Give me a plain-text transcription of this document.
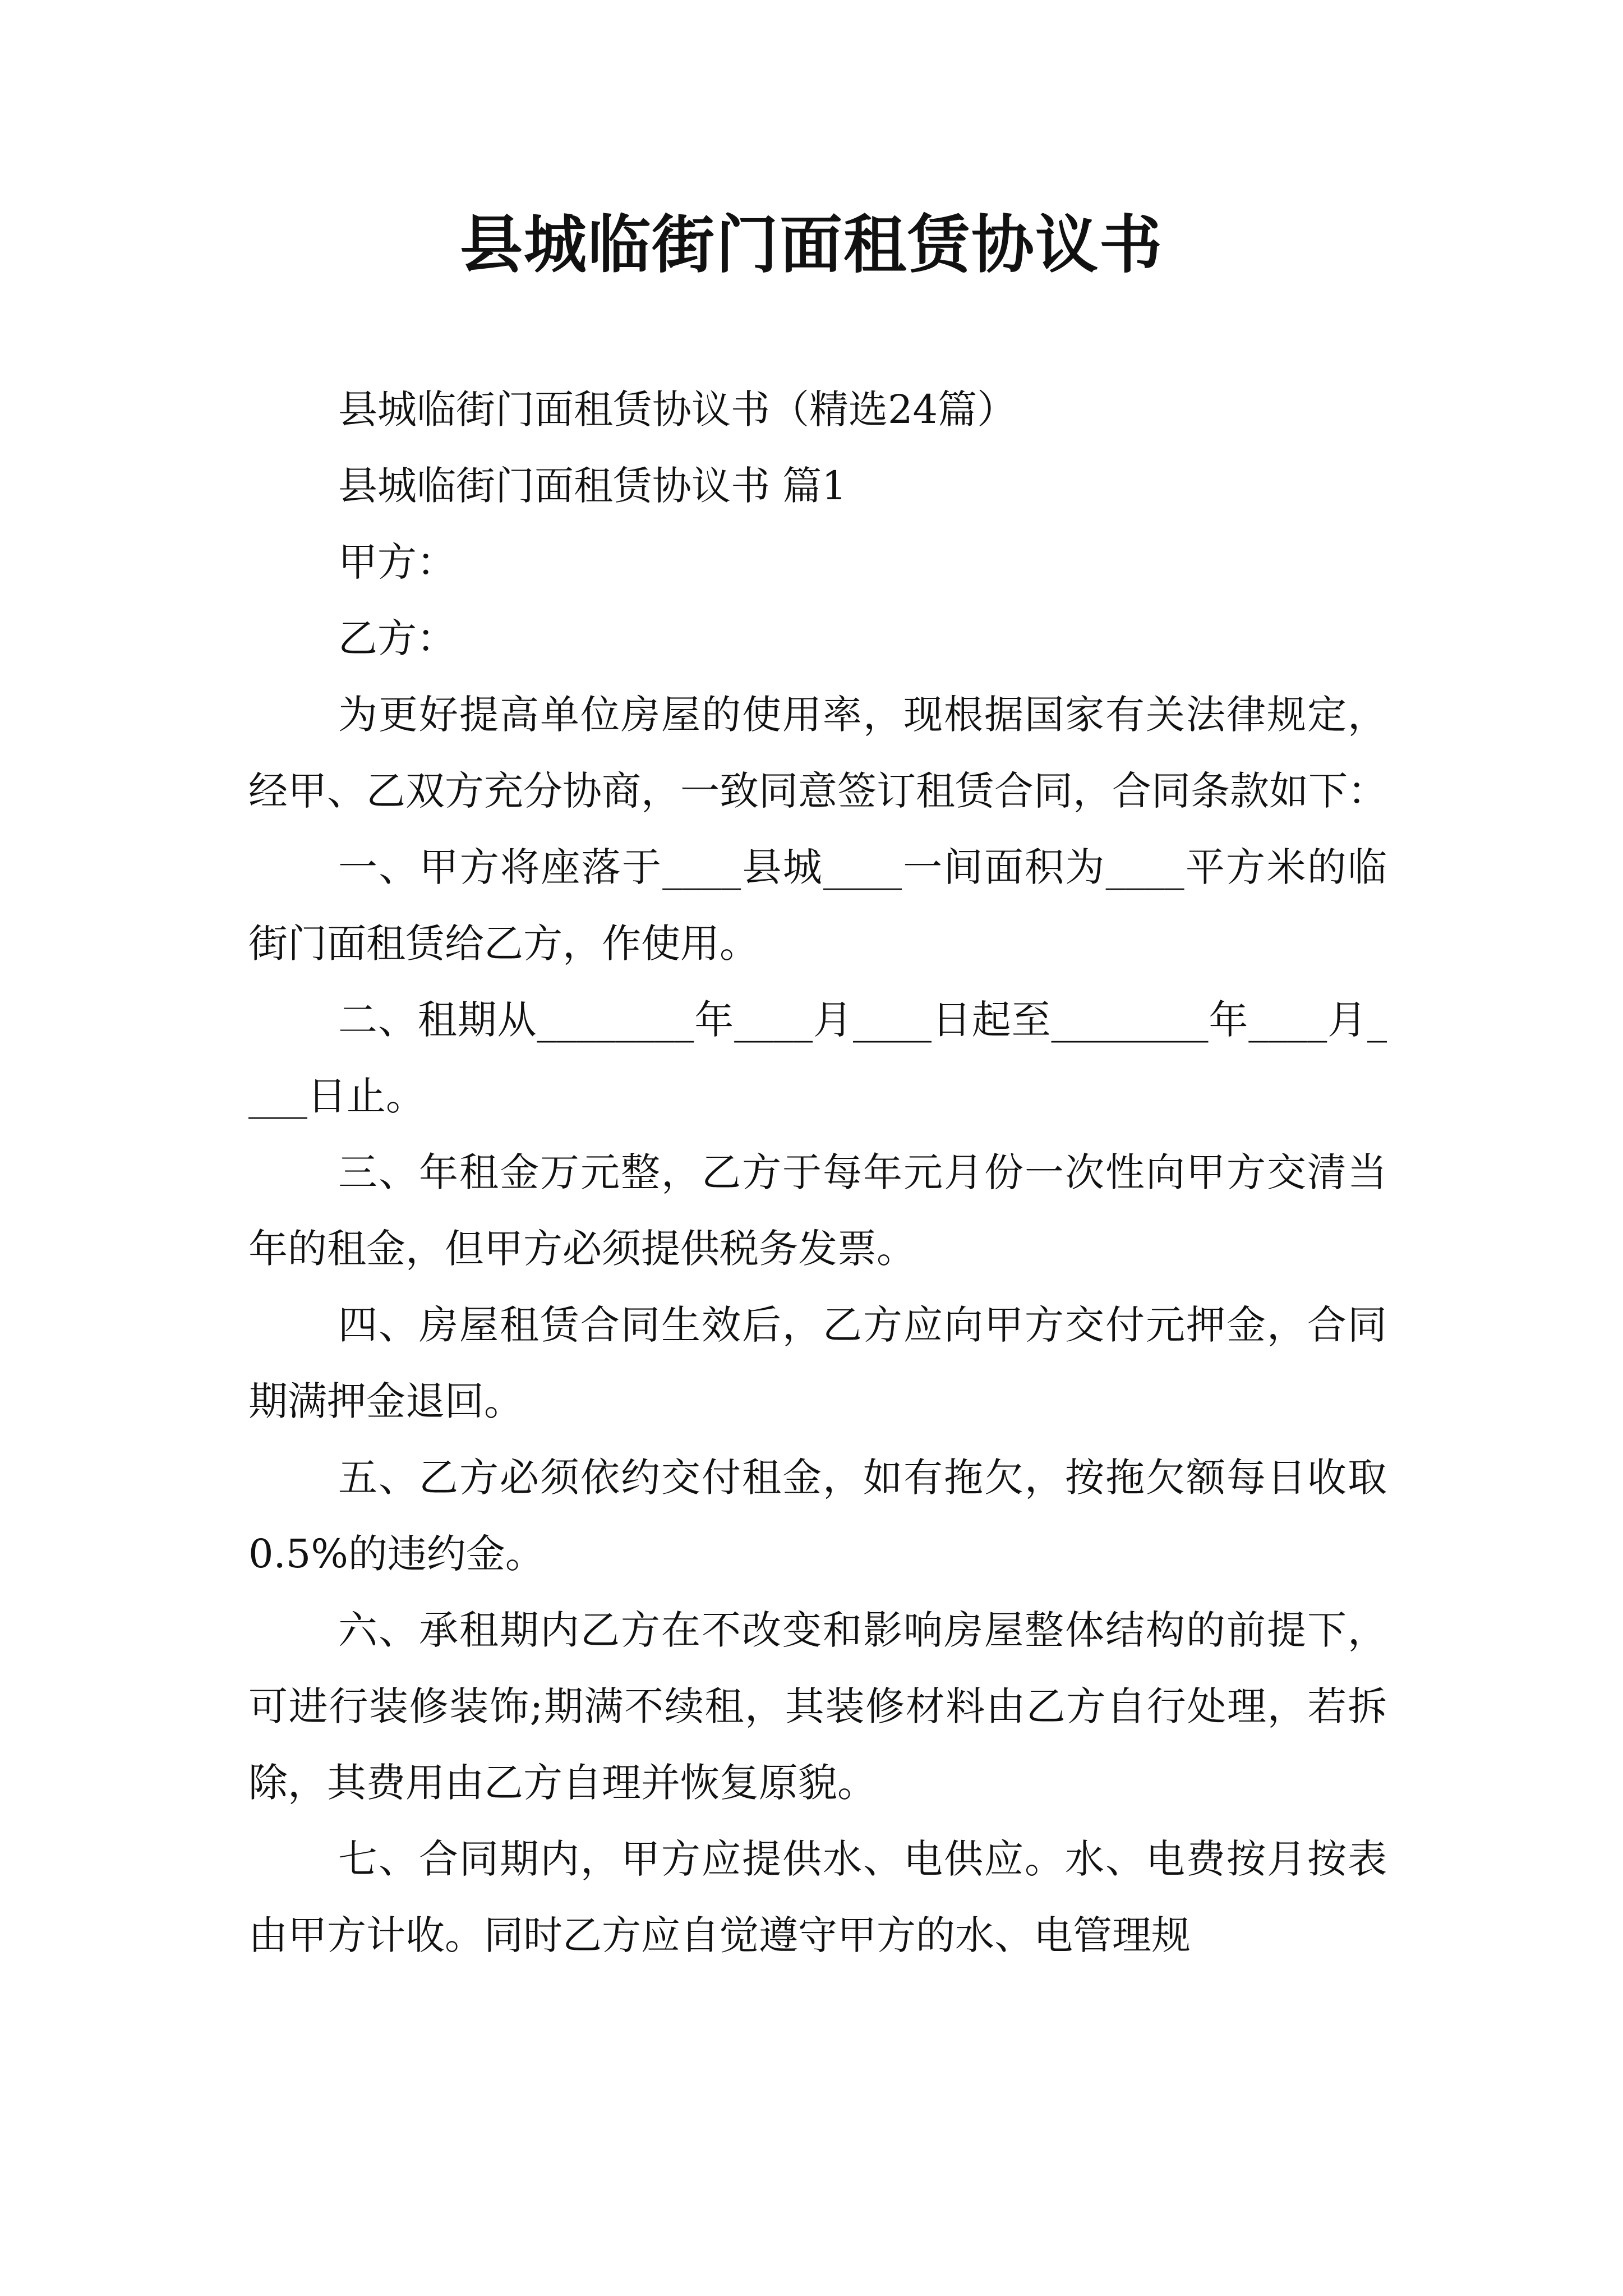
县城临街门面租赁协议书

县城临街门面租赁协议书（精选24篇）

县城临街门面租赁协议书 篇1

甲方：

乙方：

为更好提高单位房屋的使用率，现根据国家有关法律规定，经甲、乙双方充分协商，一致同意签订租赁合同，合同条款如下：

一、甲方将座落于____县城____一间面积为____平方米的临街门面租赁给乙方，作使用。

二、租期从________年____月____日起至________年____月____日止。

三、年租金万元整，乙方于每年元月份一次性向甲方交清当年的租金，但甲方必须提供税务发票。

四、房屋租赁合同生效后，乙方应向甲方交付元押金，合同期满押金退回。

五、乙方必须依约交付租金，如有拖欠，按拖欠额每日收取0.5%的违约金。

六、承租期内乙方在不改变和影响房屋整体结构的前提下，可进行装修装饰;期满不续租，其装修材料由乙方自行处理，若拆除，其费用由乙方自理并恢复原貌。

七、合同期内，甲方应提供水、电供应。水、电费按月按表由甲方计收。同时乙方应自觉遵守甲方的水、电管理规
